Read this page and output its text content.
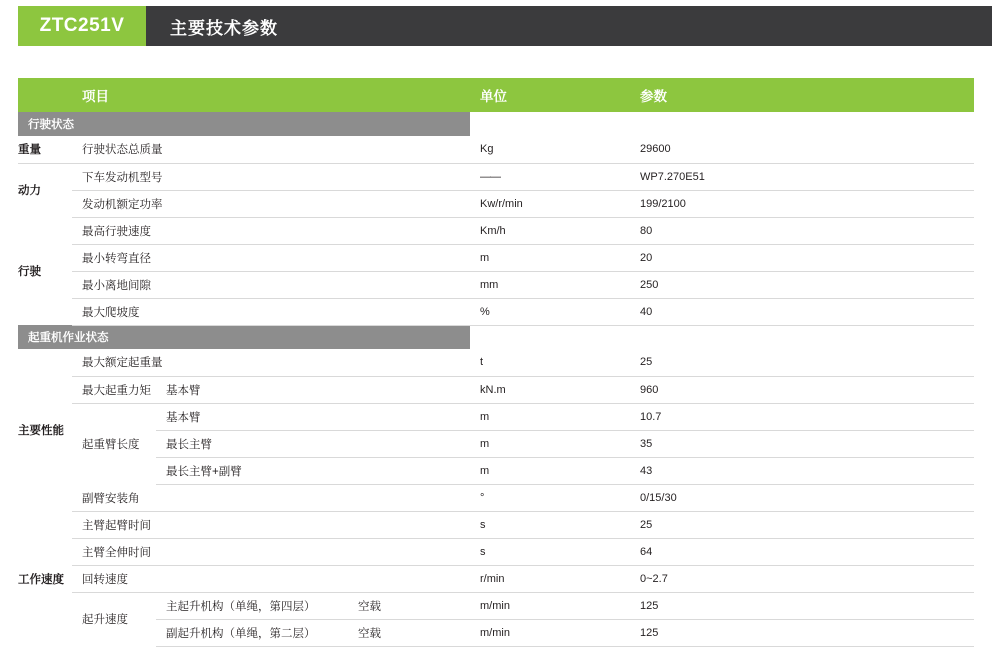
ZTC251V	主要技术参数
	项目			单位	参数
行驶状态					
重量	行驶状态总质量			Kg	29600
动力	下车发动机型号			——	WP7.270E51
	发动机额定功率			Kw/r/min	199/2100
行驶	最高行驶速度			Km/h	80
	最小转弯直径			m	20
	最小离地间隙			mm	250
	最大爬坡度			%	40
起重机作业状态					
主要性能	最大额定起重量			t	25
	最大起重力矩	基本臂		kN.m	960
	起重臂长度	基本臂		m	10.7
		最长主臂		m	35
		最长主臂+副臂		m	43
	副臂安装角			°	0/15/30
工作速度	主臂起臂时间			s	25
	主臂全伸时间			s	64
	回转速度			r/min	0~2.7
	起升速度	主起升机构（单绳，第四层）	空载	m/min	125
		副起升机构（单绳，第二层）	空载	m/min	125
